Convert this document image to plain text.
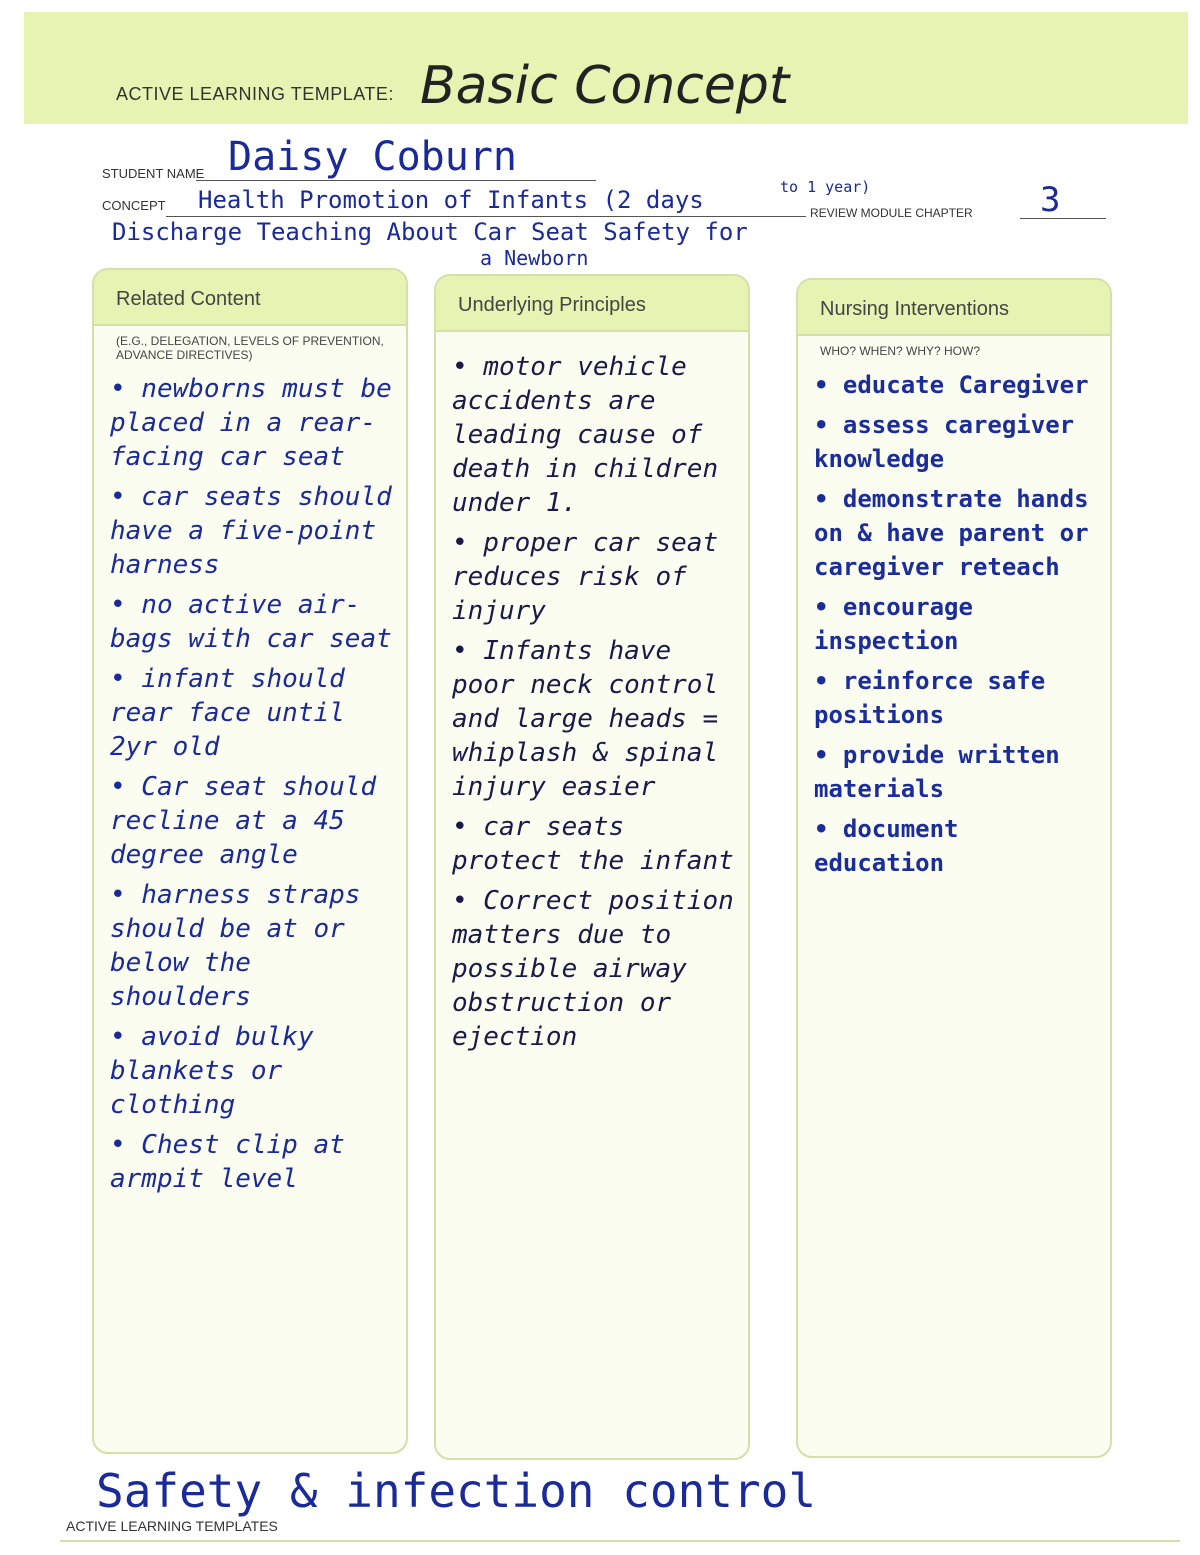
ACTIVE LEARNING TEMPLATE: Basic Concept
STUDENT NAME Daisy Coburn
CONCEPT Health Promotion of Infants (2 days	to 1 year)
REVIEW MODULE CHAPTER 3
Discharge Teaching About Car Seat Safety for
a Newborn
Related Content
(E.G., DELEGATION, LEVELS OF PREVENTION, ADVANCE DIRECTIVES)
• newborns must be placed in a rear-facing car seat
• car seats should have a five-point harness
• no active air-bags with car seat
• infant should rear face until 2yr old
• Car seat should recline at a 45 degree angle
• harness straps should be at or below the shoulders
• avoid bulky blankets or clothing
• Chest clip at armpit level
Underlying Principles
• motor vehicle accidents are leading cause of death in children under 1.
• proper car seat reduces risk of injury
• Infants have poor neck control and large heads = whiplash & spinal injury easier
• car seats protect the infant
• Correct position matters due to possible airway obstruction or ejection
Nursing Interventions
WHO? WHEN? WHY? HOW?
• educate Caregiver
• assess caregiver knowledge
• demonstrate hands on & have parent or caregiver reteach
• encourage inspection
• reinforce safe positions
• provide written materials
• document education
Safety & infection control
ACTIVE LEARNING TEMPLATES
